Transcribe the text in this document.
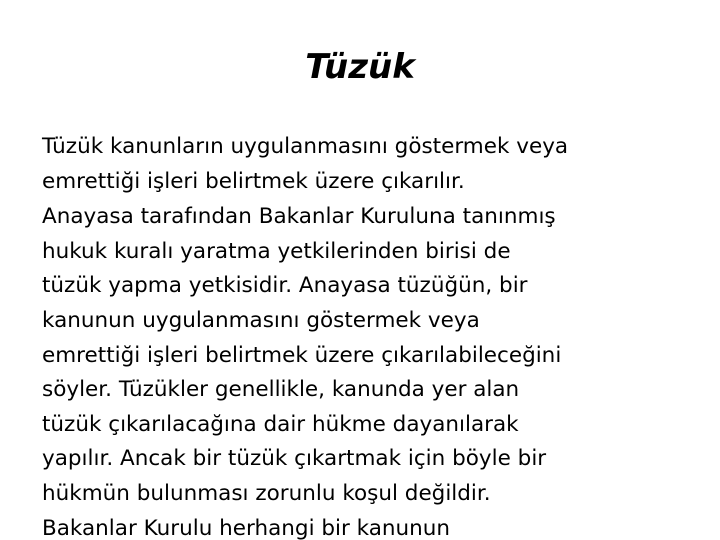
Tüzük
Tüzük kanunların uygulanmasını göstermek veya
emrettiği işleri belirtmek üzere çıkarılır.
Anayasa tarafından Bakanlar Kuruluna tanınmış
hukuk kuralı yaratma yetkilerinden birisi de
tüzük yapma yetkisidir. Anayasa tüzüğün, bir
kanunun uygulanmasını göstermek veya
emrettiği işleri belirtmek üzere çıkarılabileceğini
söyler. Tüzükler genellikle, kanunda yer alan
tüzük çıkarılacağına dair hükme dayanılarak
yapılır. Ancak bir tüzük çıkartmak için böyle bir
hükmün bulunması zorunlu koşul değildir.
Bakanlar Kurulu herhangi bir kanunun
